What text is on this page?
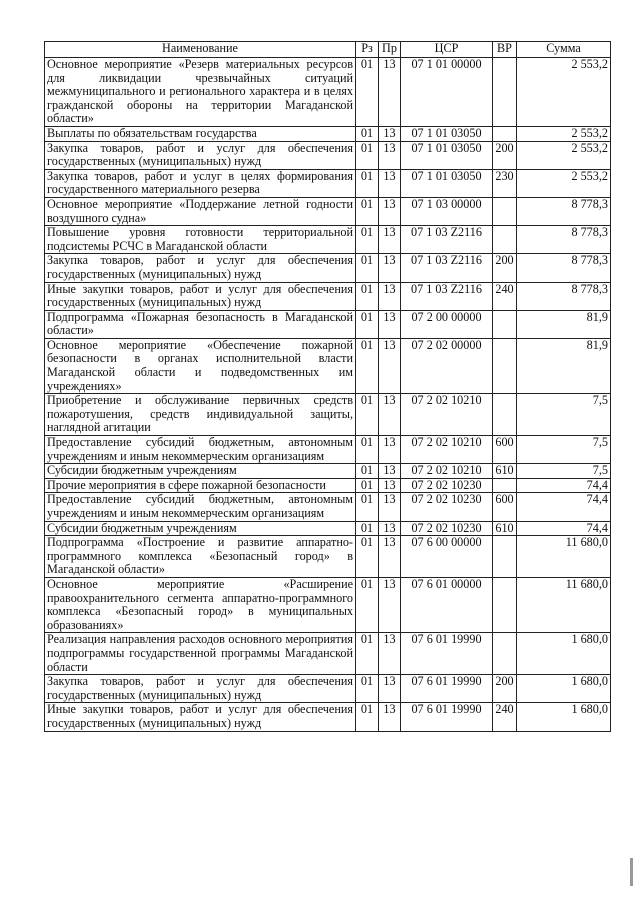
Наименование	Рз	Пр	ЦСР	ВР	Сумма
Основное мероприятие «Резерв материальных ресурсов для ликвидации чрезвычайных ситуаций межмуниципального и регионального характера и в целях гражданской обороны на территории Магаданской области»	01	13	07 1 01 00000		2 553,2
Выплаты по обязательствам государства	01	13	07 1 01 03050		2 553,2
Закупка товаров, работ и услуг для обеспечения государственных (муниципальных) нужд	01	13	07 1 01 03050	200	2 553,2
Закупка товаров, работ и услуг в целях формирования государственного материального резерва	01	13	07 1 01 03050	230	2 553,2
Основное мероприятие «Поддержание летной годности воздушного судна»	01	13	07 1 03 00000		8 778,3
Повышение уровня готовности территориальной подсистемы РСЧС в Магаданской области	01	13	07 1 03 Z2116		8 778,3
Закупка товаров, работ и услуг для обеспечения государственных (муниципальных) нужд	01	13	07 1 03 Z2116	200	8 778,3
Иные закупки товаров, работ и услуг для обеспечения государственных (муниципальных) нужд	01	13	07 1 03 Z2116	240	8 778,3
Подпрограмма «Пожарная безопасность в Магаданской области»	01	13	07 2 00 00000		81,9
Основное мероприятие «Обеспечение пожарной безопасности в органах исполнительной власти Магаданской области и подведомственных им учреждениях»	01	13	07 2 02 00000		81,9
Приобретение и обслуживание первичных средств пожаротушения, средств индивидуальной защиты, наглядной агитации	01	13	07 2 02 10210		7,5
Предоставление субсидий бюджетным, автономным учреждениям и иным некоммерческим организациям	01	13	07 2 02 10210	600	7,5
Субсидии бюджетным учреждениям	01	13	07 2 02 10210	610	7,5
Прочие мероприятия в сфере пожарной безопасности	01	13	07 2 02 10230		74,4
Предоставление субсидий бюджетным, автономным учреждениям и иным некоммерческим организациям	01	13	07 2 02 10230	600	74,4
Субсидии бюджетным учреждениям	01	13	07 2 02 10230	610	74,4
Подпрограмма «Построение и развитие аппаратно-программного комплекса «Безопасный город» в Магаданской области»	01	13	07 6 00 00000		11 680,0
Основное мероприятие «Расширение правоохранительного сегмента аппаратно-программного комплекса «Безопасный город» в муниципальных образованиях»	01	13	07 6 01 00000		11 680,0
Реализация направления расходов основного мероприятия подпрограммы государственной программы Магаданской области	01	13	07 6 01 19990		1 680,0
Закупка товаров, работ и услуг для обеспечения государственных (муниципальных) нужд	01	13	07 6 01 19990	200	1 680,0
Иные закупки товаров, работ и услуг для обеспечения государственных (муниципальных) нужд	01	13	07 6 01 19990	240	1 680,0
